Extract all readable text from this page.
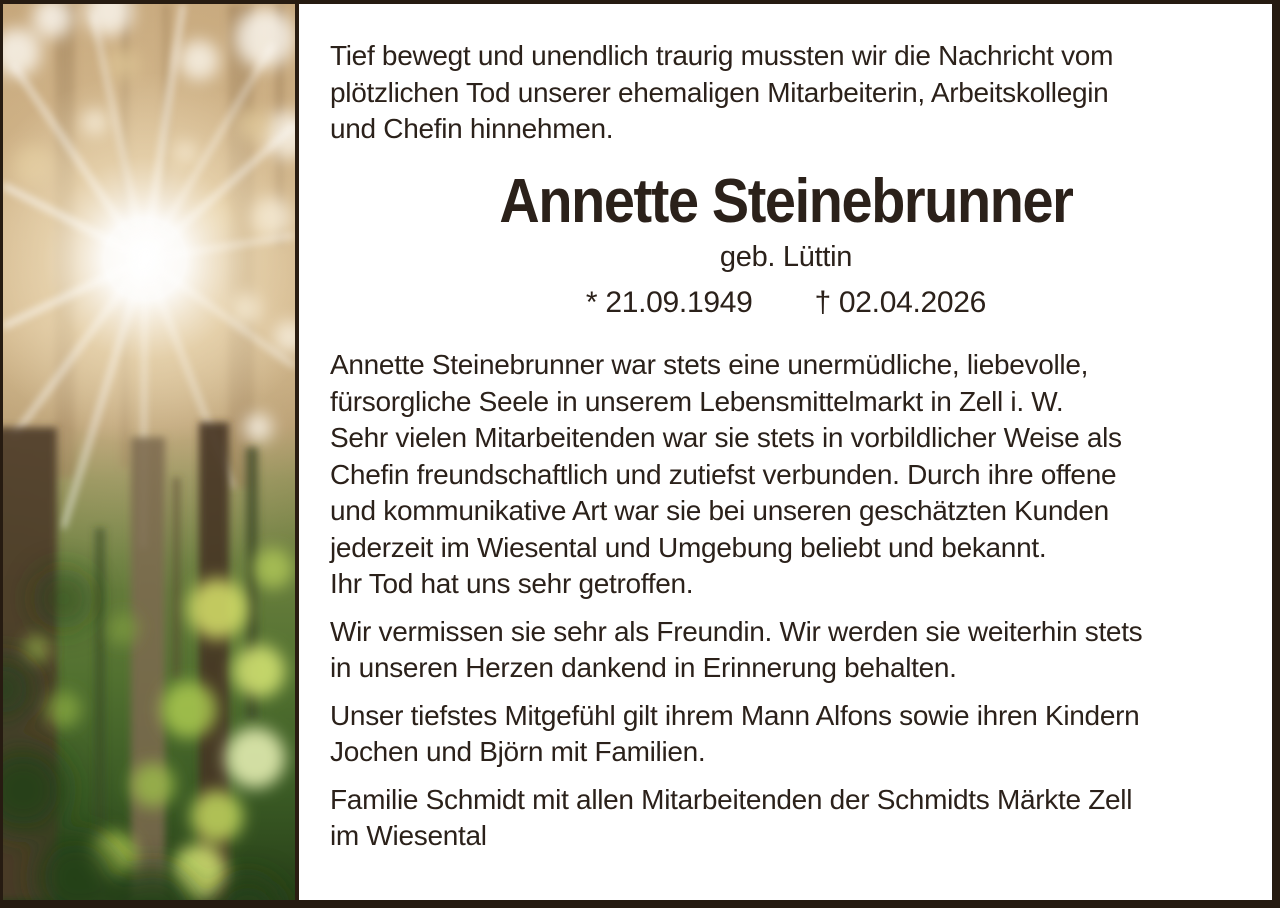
Tief bewegt und unendlich traurig mussten wir die Nachricht vom
plötzlichen Tod unserer ehemaligen Mitarbeiterin, Arbeitskollegin
und Chefin hinnehmen.
Annette Steinebrunner
geb. Lüttin
* 21.09.1949 † 02.04.2026
Annette Steinebrunner war stets eine unermüdliche, liebevolle,
fürsorgliche Seele in unserem Lebensmittelmarkt in Zell i. W.
Sehr vielen Mitarbeitenden war sie stets in vorbildlicher Weise als
Chefin freundschaftlich und zutiefst verbunden. Durch ihre offene
und kommunikative Art war sie bei unseren geschätzten Kunden
jederzeit im Wiesental und Umgebung beliebt und bekannt.
Ihr Tod hat uns sehr getroffen.
Wir vermissen sie sehr als Freundin. Wir werden sie weiterhin stets
in unseren Herzen dankend in Erinnerung behalten.
Unser tiefstes Mitgefühl gilt ihrem Mann Alfons sowie ihren Kindern
Jochen und Björn mit Familien.
Familie Schmidt mit allen Mitarbeitenden der Schmidts Märkte Zell
im Wiesental
